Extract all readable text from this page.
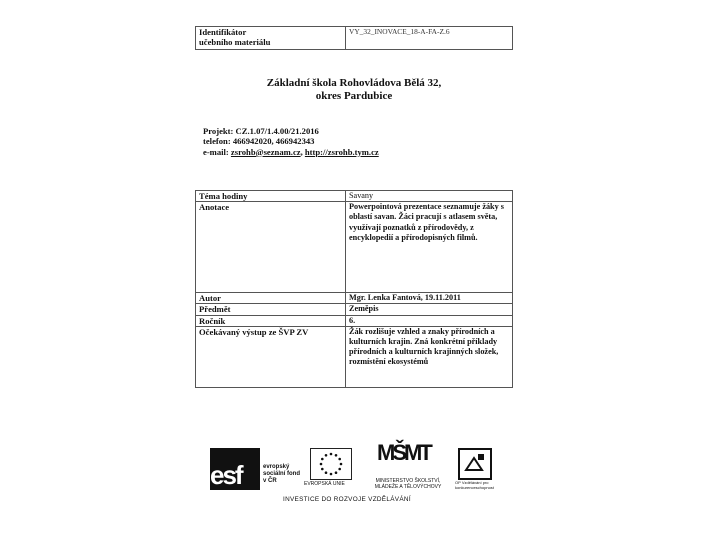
Identifikátor
učebního materiálu	VY_32_INOVACE_18-A-FA-Z.6
Základní škola Rohovládova Bělá 32,
okres Pardubice
Projekt: CZ.1.07/1.4.00/21.2016
telefon: 466942020, 466942343
e-mail: zsrohb@seznam.cz, http://zsrohb.tym.cz
Téma hodiny	Savany
Anotace	Powerpointová prezentace seznamuje žáky s oblastí savan. Žáci pracují s atlasem světa, využívají poznatků z přírodovědy, z encyklopedií a přírodopisných filmů.
Autor	Mgr. Lenka Fantová, 19.11.2011
Předmět	Zeměpis
Ročník	6.
Očekávaný výstup ze ŠVP ZV	Žák rozlišuje vzhled a znaky přírodních a kulturních krajin. Zná konkrétní příklady přírodních a kulturních krajinných složek, rozmístění ekosystémů
esf	evropský sociální fond v ČR	EVROPSKÁ UNIE
MŠMT
MINISTERSTVO ŠKOLSTVÍ, MLÁDEŽE A TĚLOVÝCHOVY
OP Vzdělávání pro konkurenceschopnost
INVESTICE DO ROZVOJE VZDĚLÁVÁNÍ
